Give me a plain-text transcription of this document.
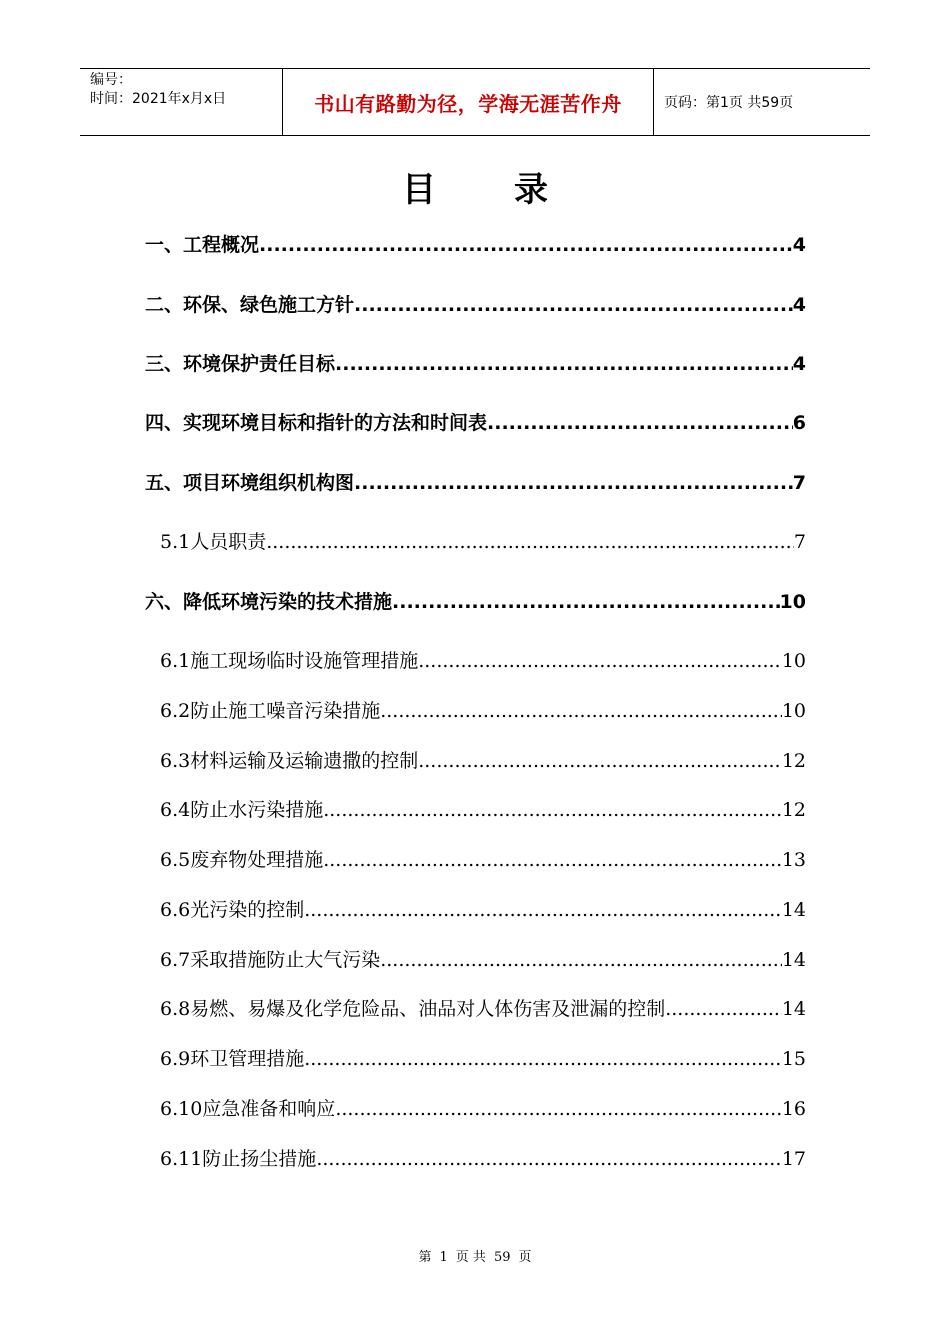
编号：
时间：2021年x月x日	书山有路勤为径，学海无涯苦作舟	页码：第1页 共59页
目录
一、工程概况 .....	4
二、环保、绿色施工方针 .....	4
三、环境保护责任目标 .....	4
四、实现环境目标和指针的方法和时间表 .....	6
五、项目环境组织机构图 .....	7
5.1人员职责 .....	7
六、降低环境污染的技术措施 .....	10
6.1施工现场临时设施管理措施 .....	10
6.2防止施工噪音污染措施 .....	10
6.3材料运输及运输遗撒的控制 .....	12
6.4防止水污染措施 .....	12
6.5废弃物处理措施 .....	13
6.6光污染的控制 .....	14
6.7采取措施防止大气污染 .....	14
6.8易燃、易爆及化学危险品、油品对人体伤害及泄漏的控制 .....	14
6.9环卫管理措施 .....	15
6.10应急准备和响应 .....	16
6.11防止扬尘措施 .....	17
第 1 页 共 59 页
